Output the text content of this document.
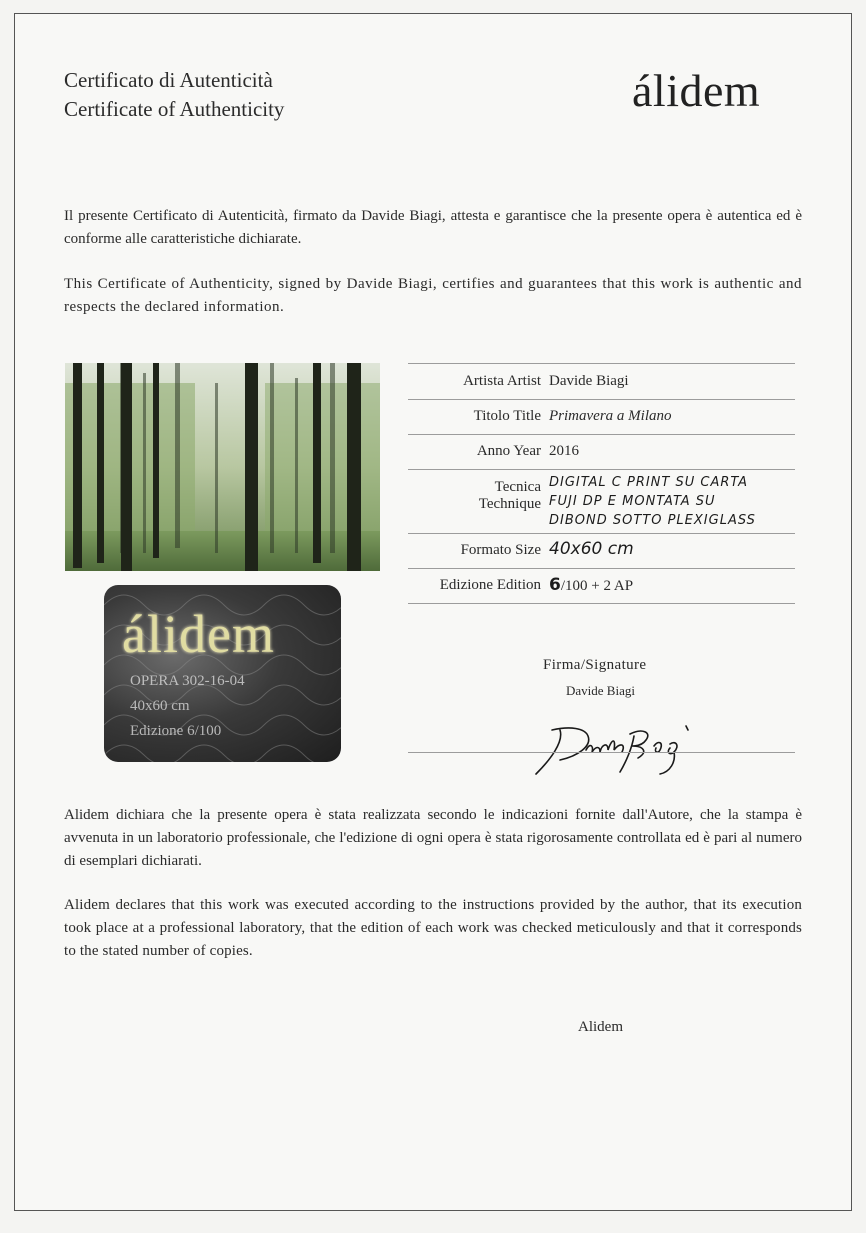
Certificato di Autenticità
Certificate of Authenticity	álidem
Il presente Certificato di Autenticità, firmato da Davide Biagi, attesta e garantisce che la presente opera è autentica ed è conforme alle caratteristiche dichiarate.
This Certificate of Authenticity, signed by Davide Biagi, certifies and guarantees that this work is authentic and respects the declared information.
álidem
OPERA 302-16-04
40x60 cm
Edizione 6/100
Artista Artist Davide Biagi
Titolo Title Primavera a Milano
Anno Year 2016
Tecnica
Technique
DIGITAL C PRINT SU CARTA
FUJI DP E MONTATA SU
DIBOND SOTTO PLEXIGLASS
Formato Size 40x60 cm
Edizione Edition 6/100 + 2 AP
Firma/Signature
Davide Biagi
Alidem dichiara che la presente opera è stata realizzata secondo le indicazioni fornite dall'Autore, che la stampa è avvenuta in un laboratorio professionale, che l'edizione di ogni opera è stata rigorosamente controllata ed è pari al numero di esemplari dichiarati.
Alidem declares that this work was executed according to the instructions provided by the author, that its execution took place at a professional laboratory, that the edition of each work was checked meticulously and that it corresponds to the stated number of copies.
Alidem
